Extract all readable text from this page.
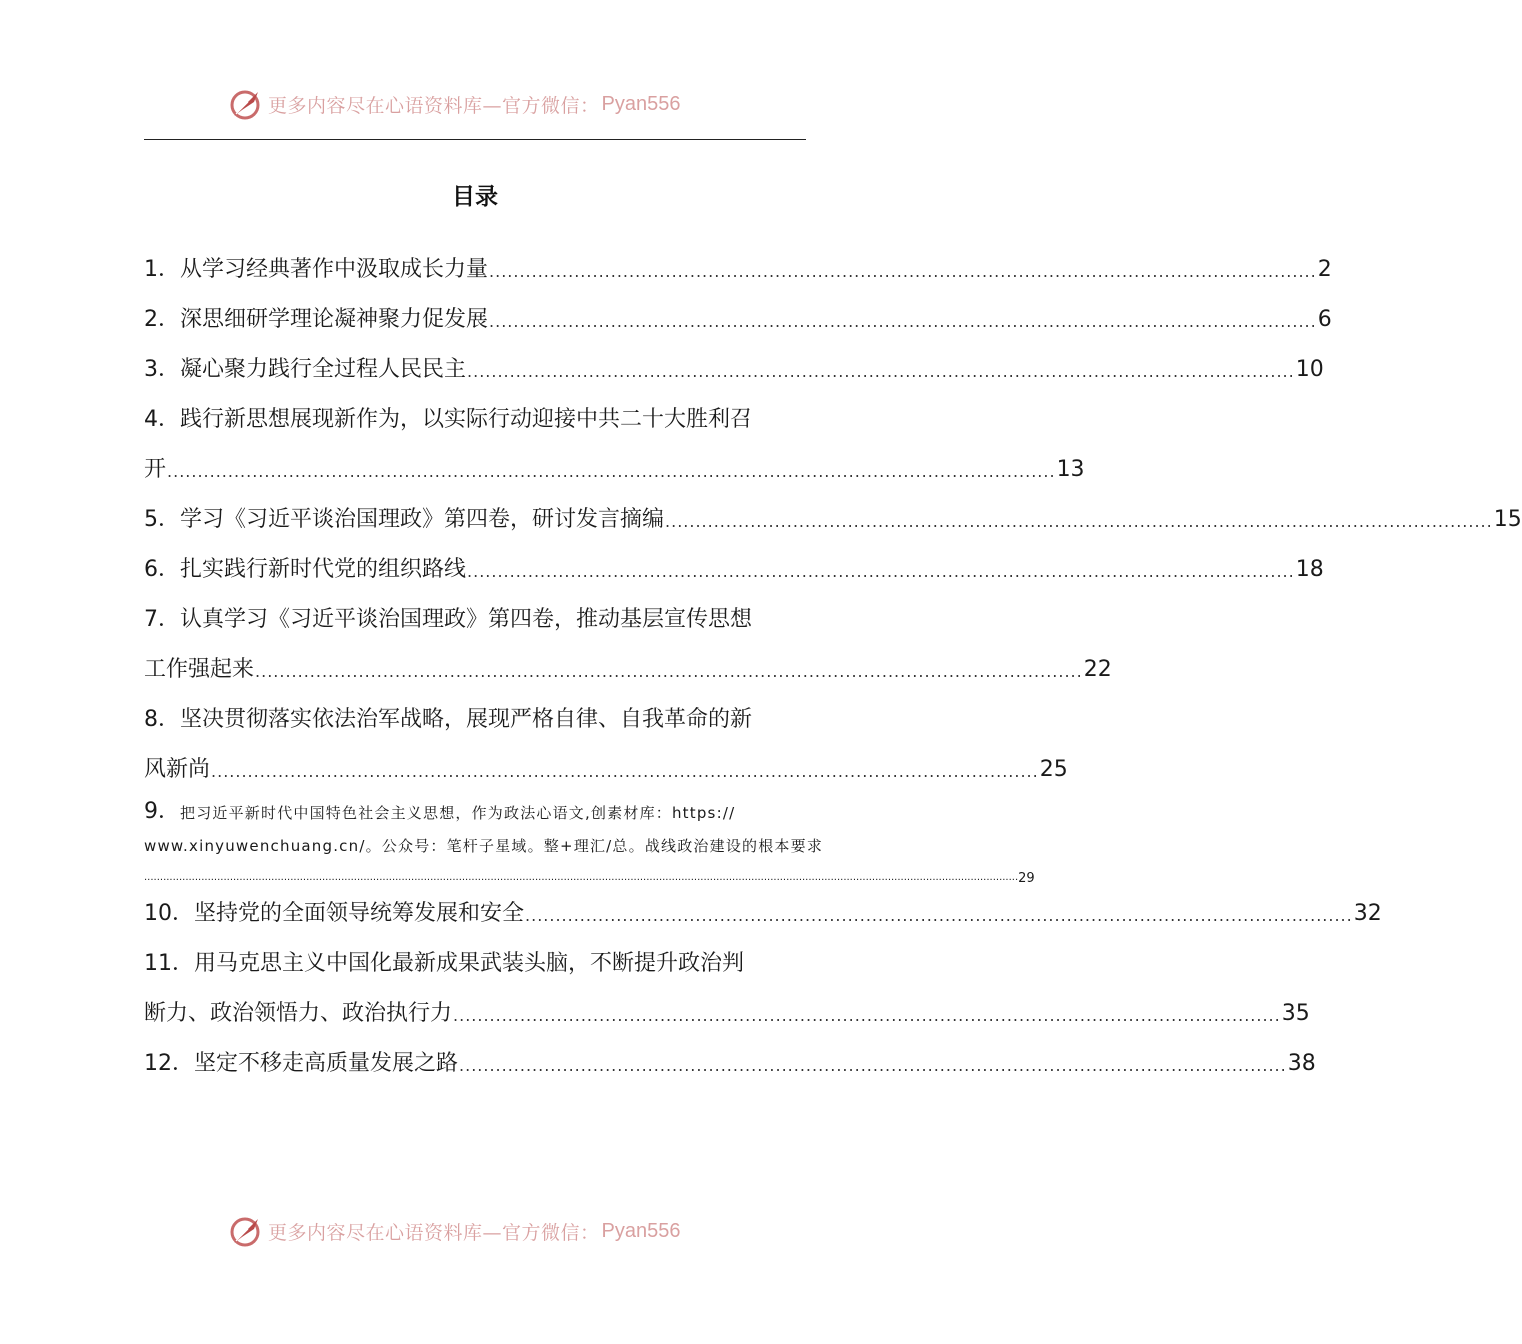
更多内容尽在心语资料库—官方微信： Pyan556
目录
1．从学习经典著作中汲取成长力量 ........................................................................................................................................ 2
2．深思细研学理论凝神聚力促发展 ........................................................................................................................................ 6
3．凝心聚力践行全过程人民民主 ........................................................................................................................................ 10
4．践行新思想展现新作为，以实际行动迎接中共二十大胜利召
开 .................................................................................................................................................. 13
5．学习《习近平谈治国理政》第四卷，研讨发言摘编 ........................................................................................................................................ 15
6．扎实践行新时代党的组织路线 ........................................................................................................................................ 18
7．认真学习《习近平谈治国理政》第四卷，推动基层宣传思想
工作强起来 ........................................................................................................................................ 22
8．坚决贯彻落实依法治军战略，展现严格自律、自我革命的新
风新尚 ........................................................................................................................................ 25
9．把习近平新时代中国特色社会主义思想，作为政法心语文,创素材库：https://
www.xinyuwenchuang.cn/。公众号：笔杆子星域。整+理汇/总。战线政治建设的根本要求
................................................................................................................................................................................................................................................................................... 29
10．坚持党的全面领导统筹发展和安全 ........................................................................................................................................ 32
11．用马克思主义中国化最新成果武装头脑，不断提升政治判
断力、政治领悟力、政治执行力 ........................................................................................................................................ 35
12．坚定不移走高质量发展之路 ........................................................................................................................................ 38
更多内容尽在心语资料库—官方微信： Pyan556
